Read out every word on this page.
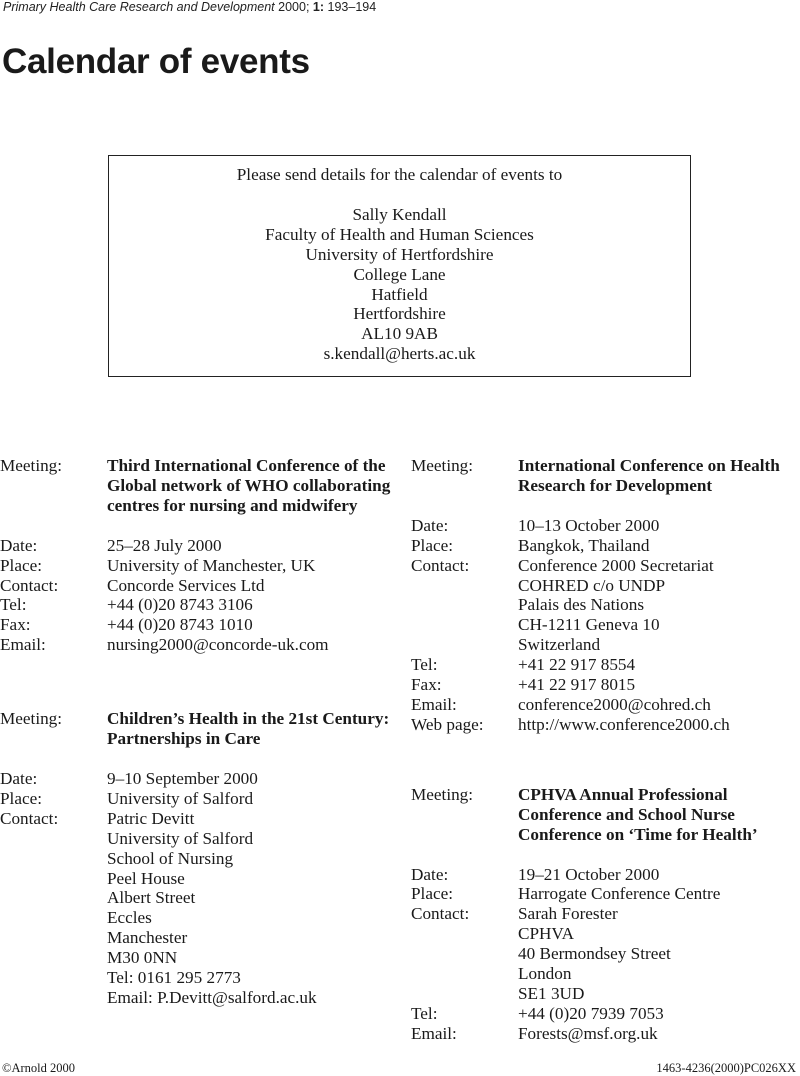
Primary Health Care Research and Development 2000; 1: 193–194
Calendar of events
Please send details for the calendar of events to
Sally Kendall
Faculty of Health and Human Sciences
University of Hertfordshire
College Lane
Hatfield
Hertfordshire
AL10 9AB
s.kendall@herts.ac.uk
Meeting:	Third International Conference of the Global network of WHO collaborating centres for nursing and midwifery
Date:	25–28 July 2000
Place:	University of Manchester, UK
Contact:	Concorde Services Ltd
Tel:	+44 (0)20 8743 3106
Fax:	+44 (0)20 8743 1010
Email:	nursing2000@concorde-uk.com
Meeting:	Children’s Health in the 21st Century: Partnerships in Care
Date:	9–10 September 2000
Place:	University of Salford
Contact:	Patric Devitt
University of Salford
School of Nursing
Peel House
Albert Street
Eccles
Manchester
M30 0NN
Tel: 0161 295 2773
Email: P.Devitt@salford.ac.uk
Meeting:	International Conference on Health Research for Development
Date:	10–13 October 2000
Place:	Bangkok, Thailand
Contact:	Conference 2000 Secretariat
COHRED c/o UNDP
Palais des Nations
CH-1211 Geneva 10
Switzerland
Tel:	+41 22 917 8554
Fax:	+41 22 917 8015
Email:	conference2000@cohred.ch
Web page:	http://www.conference2000.ch
Meeting:	CPHVA Annual Professional Conference and School Nurse Conference on ‘Time for Health’
Date:	19–21 October 2000
Place:	Harrogate Conference Centre
Contact:	Sarah Forester
CPHVA
40 Bermondsey Street
London
SE1 3UD
Tel:	+44 (0)20 7939 7053
Email:	Forests@msf.org.uk
©Arnold 2000	1463-4236(2000)PC026XX
